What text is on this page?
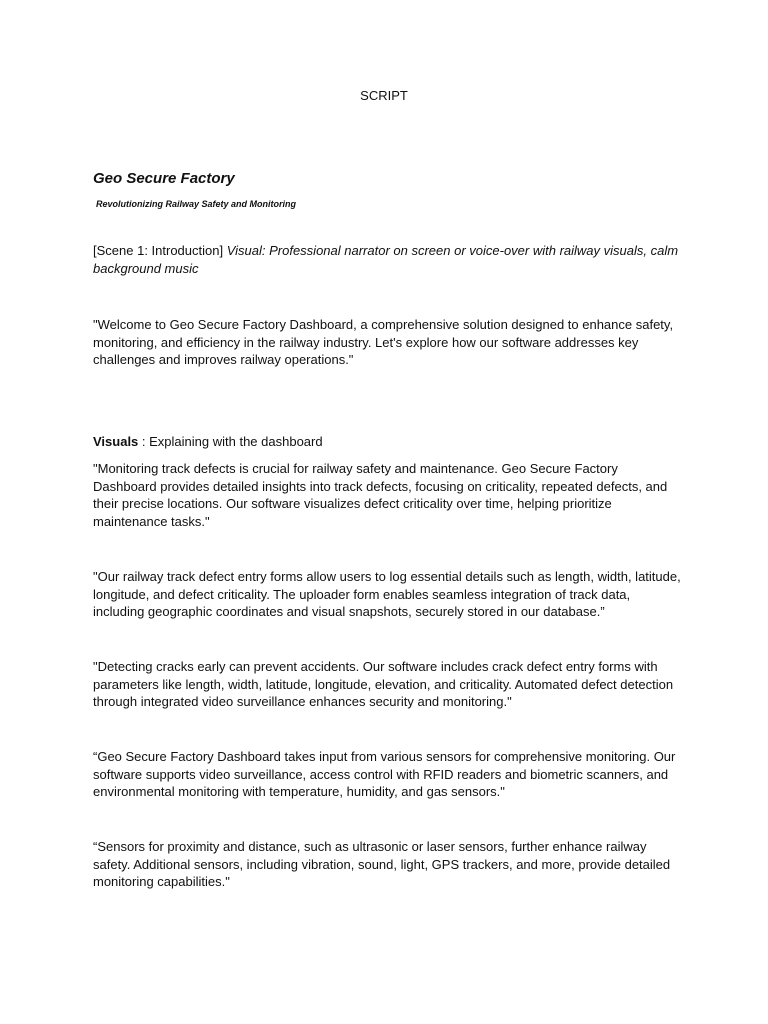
SCRIPT
Geo Secure Factory
Revolutionizing Railway Safety and Monitoring

[Scene 1: Introduction] Visual: Professional narrator on screen or voice-over with railway visuals, calm background music

"Welcome to Geo Secure Factory Dashboard, a comprehensive solution designed to enhance safety, monitoring, and efficiency in the railway industry. Let's explore how our software addresses key challenges and improves railway operations."

Visuals : Explaining with the dashboard

"Monitoring track defects is crucial for railway safety and maintenance. Geo Secure Factory Dashboard provides detailed insights into track defects, focusing on criticality, repeated defects, and their precise locations. Our software visualizes defect criticality over time, helping prioritize maintenance tasks."

"Our railway track defect entry forms allow users to log essential details such as length, width, latitude, longitude, and defect criticality. The uploader form enables seamless integration of track data, including geographic coordinates and visual snapshots, securely stored in our database.”

"Detecting cracks early can prevent accidents. Our software includes crack defect entry forms with parameters like length, width, latitude, longitude, elevation, and criticality. Automated defect detection through integrated video surveillance enhances security and monitoring."

“Geo Secure Factory Dashboard takes input from various sensors for comprehensive monitoring. Our software supports video surveillance, access control with RFID readers and biometric scanners, and environmental monitoring with temperature, humidity, and gas sensors."

“Sensors for proximity and distance, such as ultrasonic or laser sensors, further enhance railway safety. Additional sensors, including vibration, sound, light, GPS trackers, and more, provide detailed monitoring capabilities."
